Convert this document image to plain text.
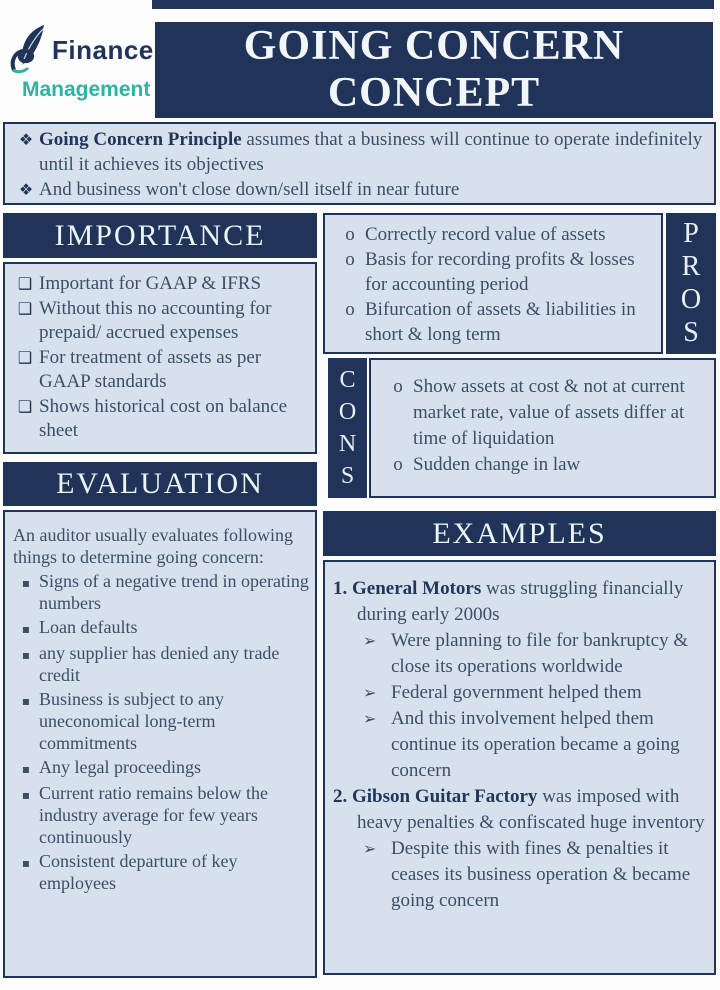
Finance
Management
GOING CONCERN
CONCEPT
❖ Going Concern Principle assumes that a business will continue to operate indefinitely until it achieves its objectives
❖ And business won't close down/sell itself in near future
IMPORTANCE
❑ Important for GAAP & IFRS
❑ Without this no accounting for prepaid/ accrued expenses
❑ For treatment of assets as per GAAP standards
❑ Shows historical cost on balance sheet
o Correctly record value of assets
o Basis for recording profits & losses for accounting period
o Bifurcation of assets & liabilities in short & long term
P
R
O
S
C
O
N
S
o Show assets at cost & not at current market rate, value of assets differ at time of liquidation
o Sudden change in law
EVALUATION
An auditor usually evaluates following things to determine going concern:
▪ Signs of a negative trend in operating numbers
▪ Loan defaults
▪ any supplier has denied any trade credit
▪ Business is subject to any uneconomical long-term commitments
▪ Any legal proceedings
▪ Current ratio remains below the industry average for few years continuously
▪ Consistent departure of key employees
EXAMPLES
1. General Motors was struggling financially during early 2000s
➢ Were planning to file for bankruptcy & close its operations worldwide
➢ Federal government helped them
➢ And this involvement helped them continue its operation became a going concern
2. Gibson Guitar Factory was imposed with heavy penalties & confiscated huge inventory
➢ Despite this with fines & penalties it ceases its business operation & became going concern
